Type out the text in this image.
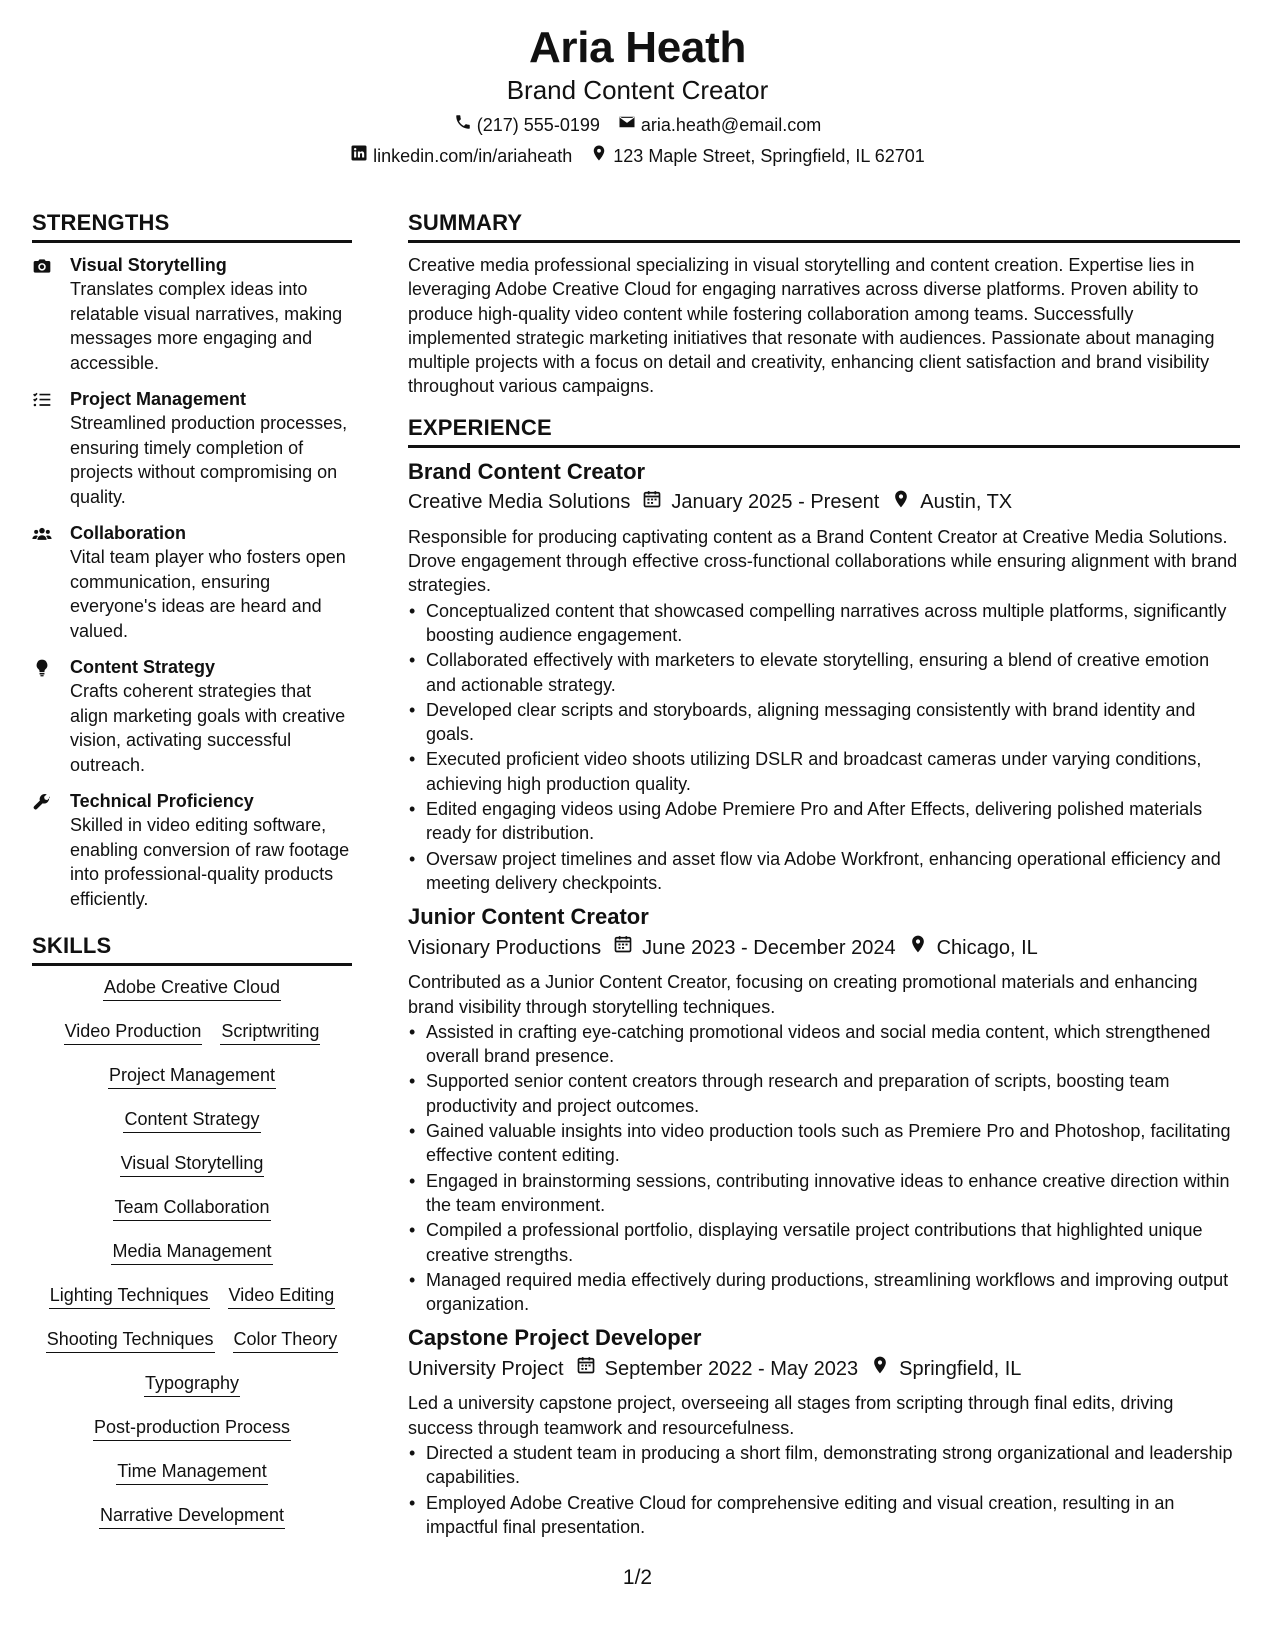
Aria Heath
Brand Content Creator
(217) 555-0199 aria.heath@email.com
linkedin.com/in/ariaheath 123 Maple Street, Springfield, IL 62701
STRENGTHS
Visual Storytelling
Translates complex ideas into relatable visual narratives, making messages more engaging and accessible.
Project Management
Streamlined production processes, ensuring timely completion of projects without compromising on quality.
Collaboration
Vital team player who fosters open communication, ensuring everyone's ideas are heard and valued.
Content Strategy
Crafts coherent strategies that align marketing goals with creative vision, activating successful outreach.
Technical Proficiency
Skilled in video editing software, enabling conversion of raw footage into professional-quality products efficiently.
SKILLS
Adobe Creative Cloud
Video Production Scriptwriting
Project Management
Content Strategy
Visual Storytelling
Team Collaboration
Media Management
Lighting Techniques Video Editing
Shooting Techniques Color Theory
Typography
Post-production Process
Time Management
Narrative Development
SUMMARY
Creative media professional specializing in visual storytelling and content creation. Expertise lies in leveraging Adobe Creative Cloud for engaging narratives across diverse platforms. Proven ability to produce high-quality video content while fostering collaboration among teams. Successfully implemented strategic marketing initiatives that resonate with audiences. Passionate about managing multiple projects with a focus on detail and creativity, enhancing client satisfaction and brand visibility throughout various campaigns.
EXPERIENCE
Brand Content Creator
Creative Media Solutions January 2025 - Present Austin, TX
Responsible for producing captivating content as a Brand Content Creator at Creative Media Solutions. Drove engagement through effective cross-functional collaborations while ensuring alignment with brand strategies.
• Conceptualized content that showcased compelling narratives across multiple platforms, significantly boosting audience engagement.
• Collaborated effectively with marketers to elevate storytelling, ensuring a blend of creative emotion and actionable strategy.
• Developed clear scripts and storyboards, aligning messaging consistently with brand identity and goals.
• Executed proficient video shoots utilizing DSLR and broadcast cameras under varying conditions, achieving high production quality.
• Edited engaging videos using Adobe Premiere Pro and After Effects, delivering polished materials ready for distribution.
• Oversaw project timelines and asset flow via Adobe Workfront, enhancing operational efficiency and meeting delivery checkpoints.
Junior Content Creator
Visionary Productions June 2023 - December 2024 Chicago, IL
Contributed as a Junior Content Creator, focusing on creating promotional materials and enhancing brand visibility through storytelling techniques.
• Assisted in crafting eye-catching promotional videos and social media content, which strengthened overall brand presence.
• Supported senior content creators through research and preparation of scripts, boosting team productivity and project outcomes.
• Gained valuable insights into video production tools such as Premiere Pro and Photoshop, facilitating effective content editing.
• Engaged in brainstorming sessions, contributing innovative ideas to enhance creative direction within the team environment.
• Compiled a professional portfolio, displaying versatile project contributions that highlighted unique creative strengths.
• Managed required media effectively during productions, streamlining workflows and improving output organization.
Capstone Project Developer
University Project September 2022 - May 2023 Springfield, IL
Led a university capstone project, overseeing all stages from scripting through final edits, driving success through teamwork and resourcefulness.
• Directed a student team in producing a short film, demonstrating strong organizational and leadership capabilities.
• Employed Adobe Creative Cloud for comprehensive editing and visual creation, resulting in an impactful final presentation.
1/2
